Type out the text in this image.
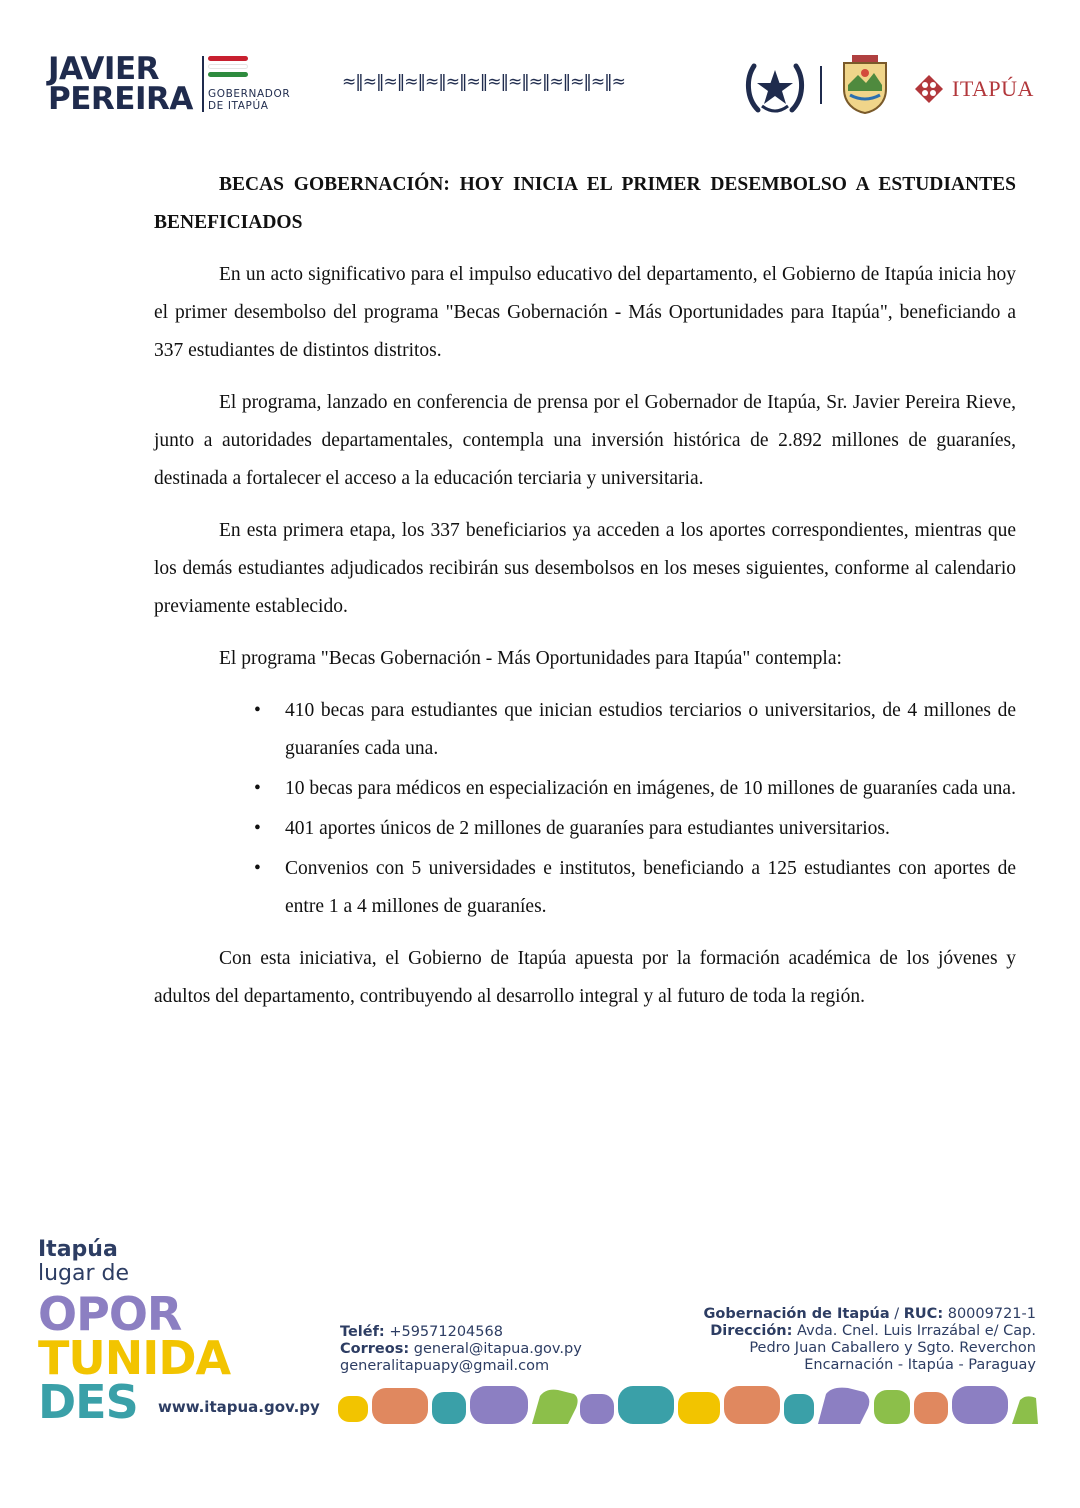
JAVIER
PEREIRA GOBERNADOR
DE ITAPÚA
≈‖≈‖≈‖≈‖≈‖≈‖≈‖≈‖≈‖≈‖≈‖≈‖≈‖≈	ITAPÚA

BECAS GOBERNACIÓN: HOY INICIA EL PRIMER DESEMBOLSO A ESTUDIANTES BENEFICIADOS

En un acto significativo para el impulso educativo del departamento, el Gobierno de Itapúa inicia hoy el primer desembolso del programa "Becas Gobernación - Más Oportunidades para Itapúa", beneficiando a 337 estudiantes de distintos distritos.

El programa, lanzado en conferencia de prensa por el Gobernador de Itapúa, Sr. Javier Pereira Rieve, junto a autoridades departamentales, contempla una inversión histórica de 2.892 millones de guaraníes, destinada a fortalecer el acceso a la educación terciaria y universitaria.

En esta primera etapa, los 337 beneficiarios ya acceden a los aportes correspondientes, mientras que los demás estudiantes adjudicados recibirán sus desembolsos en los meses siguientes, conforme al calendario previamente establecido.

El programa "Becas Gobernación - Más Oportunidades para Itapúa" contempla:

• 410 becas para estudiantes que inician estudios terciarios o universitarios, de 4 millones de guaraníes cada una.
• 10 becas para médicos en especialización en imágenes, de 10 millones de guaraníes cada una.
• 401 aportes únicos de 2 millones de guaraníes para estudiantes universitarios.
• Convenios con 5 universidades e institutos, beneficiando a 125 estudiantes con aportes de entre 1 a 4 millones de guaraníes.

Con esta iniciativa, el Gobierno de Itapúa apuesta por la formación académica de los jóvenes y adultos del departamento, contribuyendo al desarrollo integral y al futuro de toda la región.

Itapúa
lugar de
OPOR
TUNIDA
DES	www.itapua.gov.py
Teléf: +59571204568
Correos: general@itapua.gov.py
generalitapuapy@gmail.com
Gobernación de Itapúa / RUC: 80009721-1
Dirección: Avda. Cnel. Luis Irrazábal e/ Cap.
Pedro Juan Caballero y Sgto. Reverchon
Encarnación - Itapúa - Paraguay
